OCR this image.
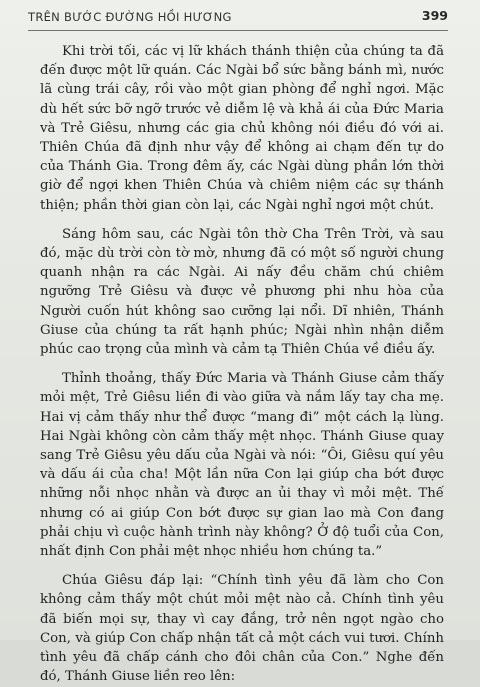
TRÊN BƯỚC ĐƯỜNG HỒI HƯƠNG	399

Khi trời tối, các vị lữ khách thánh thiện của chúng ta đã đến được một lữ quán. Các Ngài bổ sức bằng bánh mì, nước lã cùng trái cây, rồi vào một gian phòng để nghỉ ngơi. Mặc dù hết sức bỡ ngỡ trước vẻ diễm lệ và khả ái của Đức Maria và Trẻ Giêsu, nhưng các gia chủ không nói điều đó với ai. Thiên Chúa đã định như vậy để không ai chạm đến tự do của Thánh Gia. Trong đêm ấy, các Ngài dùng phần lớn thời giờ để ngợi khen Thiên Chúa và chiêm niệm các sự thánh thiện; phần thời gian còn lại, các Ngài nghỉ ngơi một chút.

Sáng hôm sau, các Ngài tôn thờ Cha Trên Trời, và sau đó, mặc dù trời còn tờ mờ, nhưng đã có một số người chung quanh nhận ra các Ngài. Ai nấy đều chăm chú chiêm ngưỡng Trẻ Giêsu và được vẻ phương phi nhu hòa của Người cuốn hút không sao cưỡng lại nổi. Dĩ nhiên, Thánh Giuse của chúng ta rất hạnh phúc; Ngài nhìn nhận diễm phúc cao trọng của mình và cảm tạ Thiên Chúa về điều ấy.

Thỉnh thoảng, thấy Đức Maria và Thánh Giuse cảm thấy mỏi mệt, Trẻ Giêsu liền đi vào giữa và nắm lấy tay cha mẹ. Hai vị cảm thấy như thể được “mang đi” một cách lạ lùng. Hai Ngài không còn cảm thấy mệt nhọc. Thánh Giuse quay sang Trẻ Giêsu yêu dấu của Ngài và nói: “Ôi, Giêsu quí yêu và dấu ái của cha! Một lần nữa Con lại giúp cha bớt được những nỗi nhọc nhằn và được an ủi thay vì mỏi mệt. Thế nhưng có ai giúp Con bớt được sự gian lao mà Con đang phải chịu vì cuộc hành trình này không? Ở độ tuổi của Con, nhất định Con phải mệt nhọc nhiều hơn chúng ta.”

Chúa Giêsu đáp lại: “Chính tình yêu đã làm cho Con không cảm thấy một chút mỏi mệt nào cả. Chính tình yêu đã biến mọi sự, thay vì cay đắng, trở nên ngọt ngào cho Con, và giúp Con chấp nhận tất cả một cách vui tươi. Chính tình yêu đã chấp cánh cho đôi chân của Con.” Nghe đến đó, Thánh Giuse liền reo lên:
